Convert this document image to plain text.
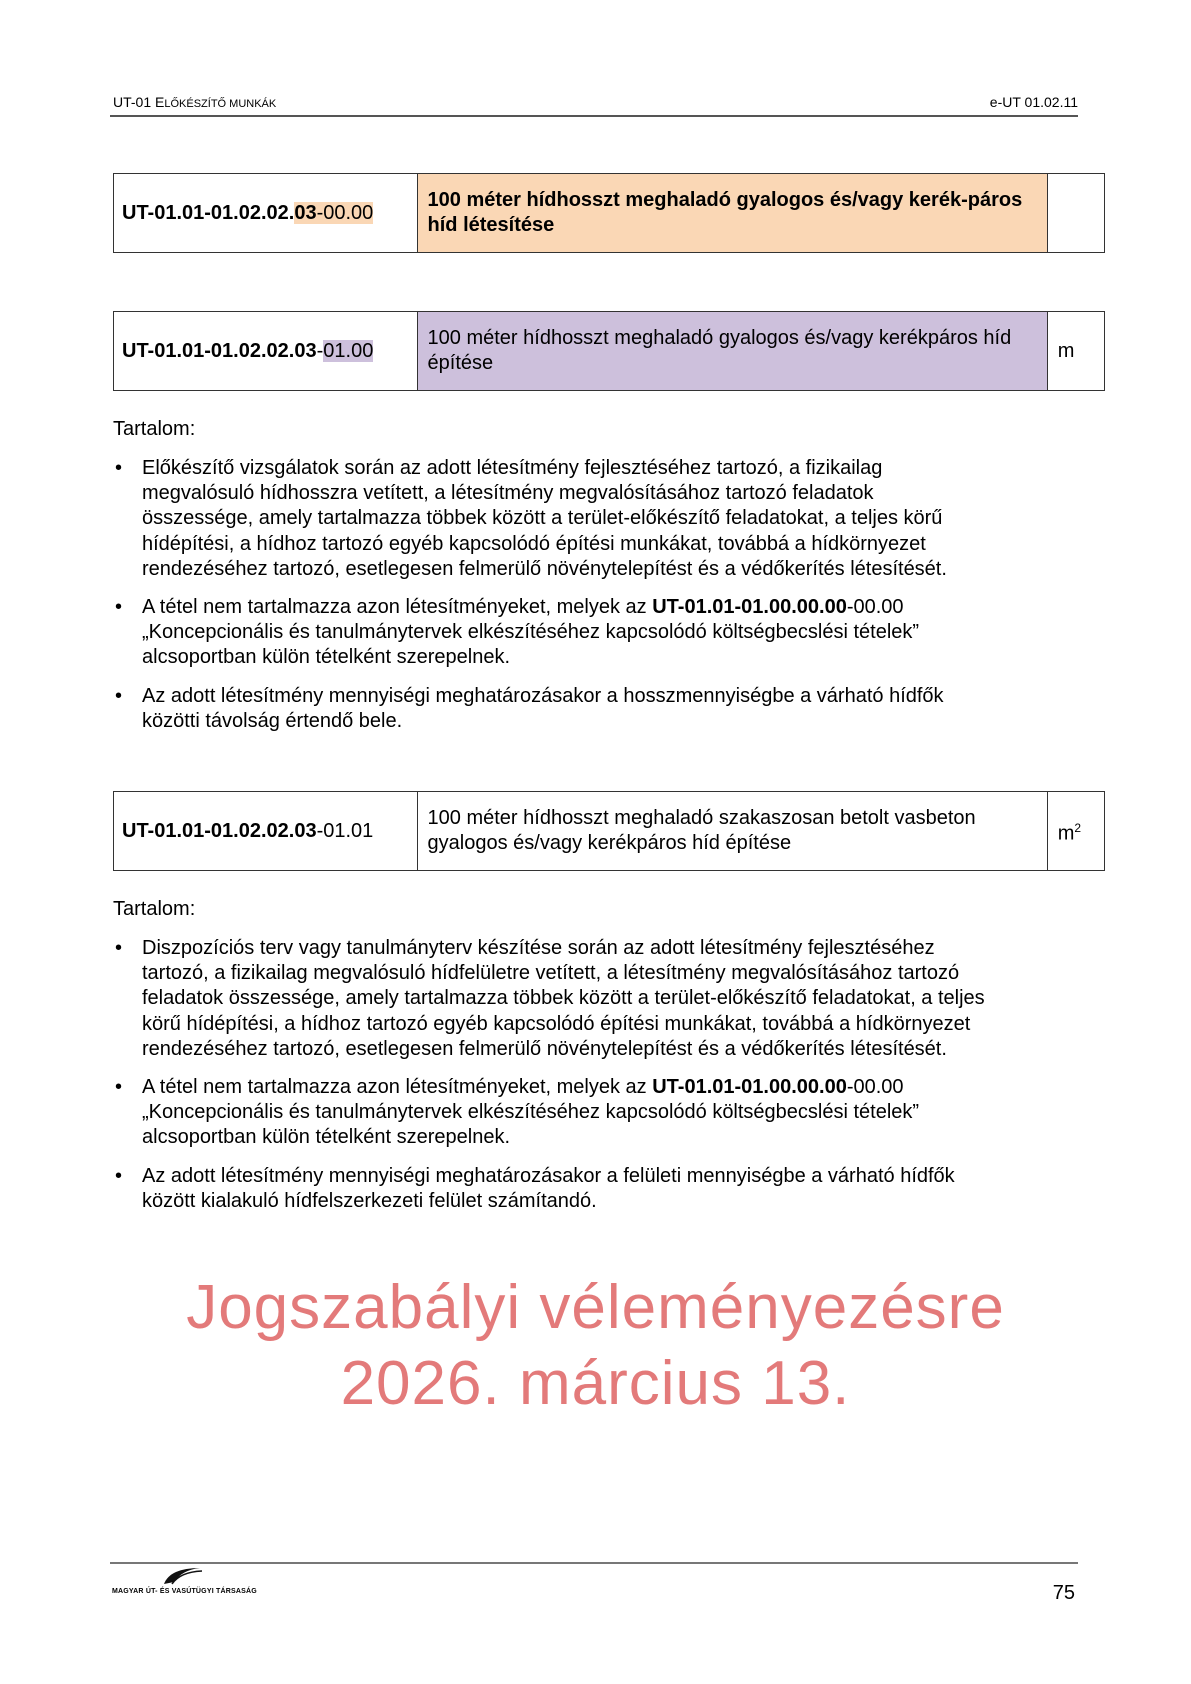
UT-01 ELŐKÉSZÍTŐ MUNKÁK	e-UT 01.02.11
UT-01.01-01.02.02.03-00.00	100 méter hídhosszt meghaladó gyalogos és/vagy kerék-páros híd létesítése	
UT-01.01-01.02.02.03-01.00	100 méter hídhosszt meghaladó gyalogos és/vagy kerékpáros híd építése	m
Tartalom:
• Előkészítő vizsgálatok során az adott létesítmény fejlesztéséhez tartozó, a fizikailag
megvalósuló hídhosszra vetített, a létesítmény megvalósításához tartozó feladatok
összessége, amely tartalmazza többek között a terület-előkészítő feladatokat, a teljes körű
hídépítési, a hídhoz tartozó egyéb kapcsolódó építési munkákat, továbbá a hídkörnyezet
rendezéséhez tartozó, esetlegesen felmerülő növénytelepítést és a védőkerítés létesítését.
• A tétel nem tartalmazza azon létesítményeket, melyek az UT-01.01-01.00.00.00-00.00
„Koncepcionális és tanulmánytervek elkészítéséhez kapcsolódó költségbecslési tételek”
alcsoportban külön tételként szerepelnek.
• Az adott létesítmény mennyiségi meghatározásakor a hosszmennyiségbe a várható hídfők
közötti távolság értendő bele.
UT-01.01-01.02.02.03-01.01	100 méter hídhosszt meghaladó szakaszosan betolt vasbeton gyalogos és/vagy kerékpáros híd építése	$m^2$
Tartalom:
• Diszpozíciós terv vagy tanulmányterv készítése során az adott létesítmény fejlesztéséhez
tartozó, a fizikailag megvalósuló hídfelületre vetített, a létesítmény megvalósításához tartozó
feladatok összessége, amely tartalmazza többek között a terület-előkészítő feladatokat, a teljes
körű hídépítési, a hídhoz tartozó egyéb kapcsolódó építési munkákat, továbbá a hídkörnyezet
rendezéséhez tartozó, esetlegesen felmerülő növénytelepítést és a védőkerítés létesítését.
• A tétel nem tartalmazza azon létesítményeket, melyek az UT-01.01-01.00.00.00-00.00
„Koncepcionális és tanulmánytervek elkészítéséhez kapcsolódó költségbecslési tételek”
alcsoportban külön tételként szerepelnek.
• Az adott létesítmény mennyiségi meghatározásakor a felületi mennyiségbe a várható hídfők
között kialakuló hídfelszerkezeti felület számítandó.
Jogszabályi véleményezésre 2026. március 13.
MAGYAR ÚT- ÉS VASÚTÜGYI TÁRSASÁG	75
